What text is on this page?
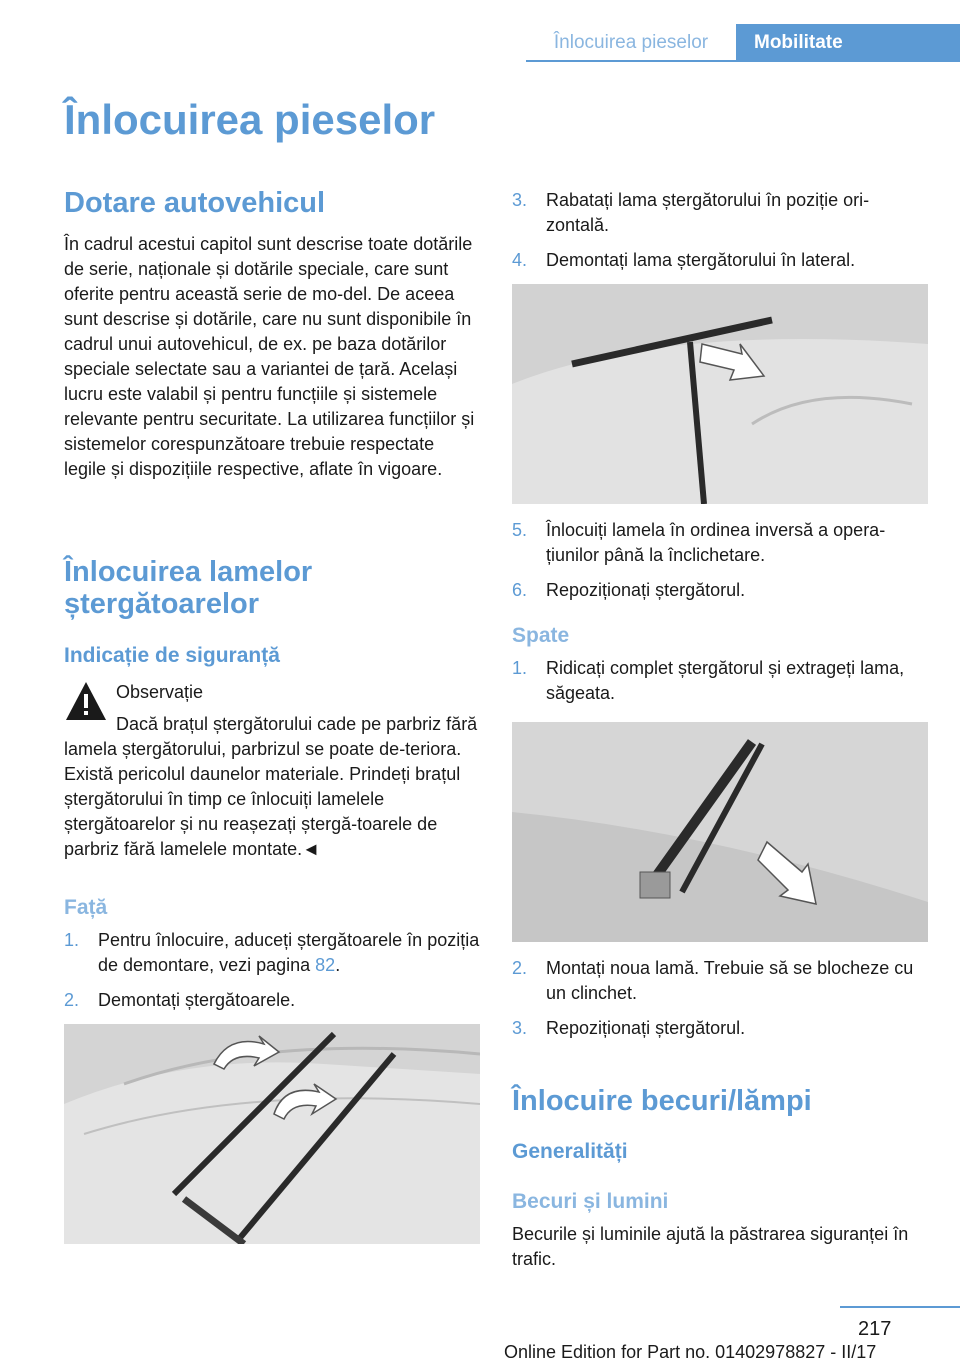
Înlocuirea pieselor	Mobilitate
Înlocuirea pieselor
Dotare autovehicul

În cadrul acestui capitol sunt descrise toate dotările de serie, naționale și dotările speciale, care sunt oferite pentru această serie de mo‐del. De aceea sunt descrise și dotările, care nu sunt disponibile în cadrul unui autovehicul, de ex. pe baza dotărilor speciale selectate sau a variantei de țară. Același lucru este valabil și pentru funcțiile și sistemele relevante pentru securitate. La utilizarea funcțiilor și sistemelor corespunzătoare trebuie respectate legile și dispozițiile respective, aflate în vigoare.

Înlocuirea lamelor ștergătoarelor
Indicație de siguranță
Observație

Dacă brațul ștergătorului cade pe parbriz fără lamela ștergătorului, parbrizul se poate de‐teriora. Există pericolul daunelor materiale. Prindeți brațul ștergătorului în timp ce înlocuiți lamelele ștergătoarelor și nu reașezați ștergă‐toarele de parbriz fără lamelele montate.◄

Față
1.	Pentru înlocuire, aduceți ștergătoarele în poziția de demontare, vezi pagina 82.
2.	Demontați ștergătoarele.
3.	Rabatați lama ștergătorului în poziție ori‐zontală.
4.	Demontați lama ștergătorului în lateral.
5.	Înlocuiți lamela în ordinea inversă a opera‐țiunilor până la înclichetare.
6.	Repoziționați ștergătorul.
Spate
1.	Ridicați complet ștergătorul și extrageți lama, săgeata.
2.	Montați noua lamă. Trebuie să se blocheze cu un clinchet.
3.	Repoziționați ștergătorul.
Înlocuire becuri/lămpi
Generalități
Becuri și lumini

Becurile și luminile ajută la păstrarea siguranței în trafic.

217
Online Edition for Part no. 01402978827 - II/17
